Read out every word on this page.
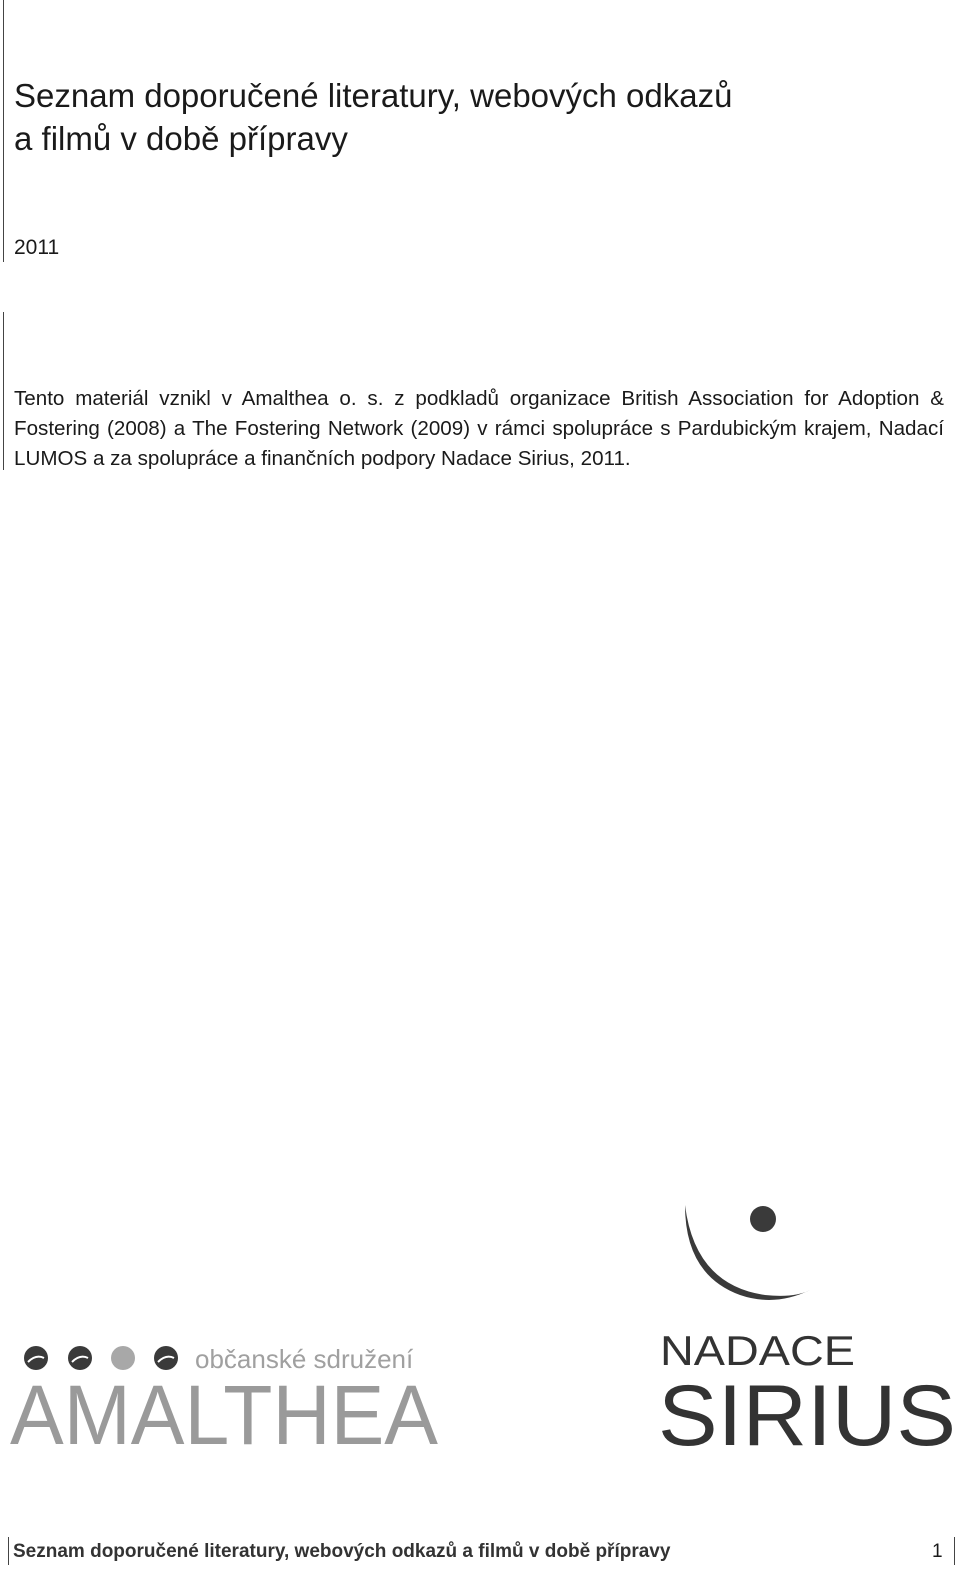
Seznam doporučené literatury, webových odkazů
a filmů v době přípravy
2011

Tento materiál vznikl v Amalthea o. s. z podkladů organizace British Association for Adoption & Fostering (2008) a The Fostering Network (2009) v rámci spolupráce s Pardubickým krajem, Nadací LUMOS a za spolupráce a finančních podpory Nadace Sirius, 2011.

občanské sdružení
AMALTHEA
NADACE
SIRIUS
Seznam doporučené literatury, webových odkazů a filmů v době přípravy	1
